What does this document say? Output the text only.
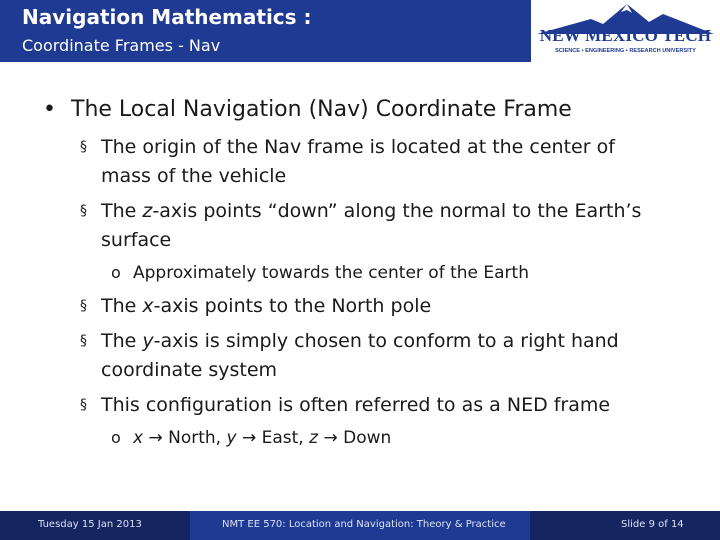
Navigation Mathematics :
Coordinate Frames - Nav
NEW MEXICO TECH
SCIENCE • ENGINEERING • RESEARCH UNIVERSITY
• The Local Navigation (Nav) Coordinate Frame
§ The origin of the Nav frame is located at the center of
mass of the vehicle
§ The z-axis points “down” along the normal to the Earth’s
surface
o Approximately towards the center of the Earth
§ The x-axis points to the North pole
§ The y-axis is simply chosen to conform to a right hand
coordinate system
§ This configuration is often referred to as a NED frame
o x → North, y → East, z → Down
Tuesday 15 Jan 2013	NMT EE 570: Location and Navigation: Theory & Practice	Slide 9 of 14
